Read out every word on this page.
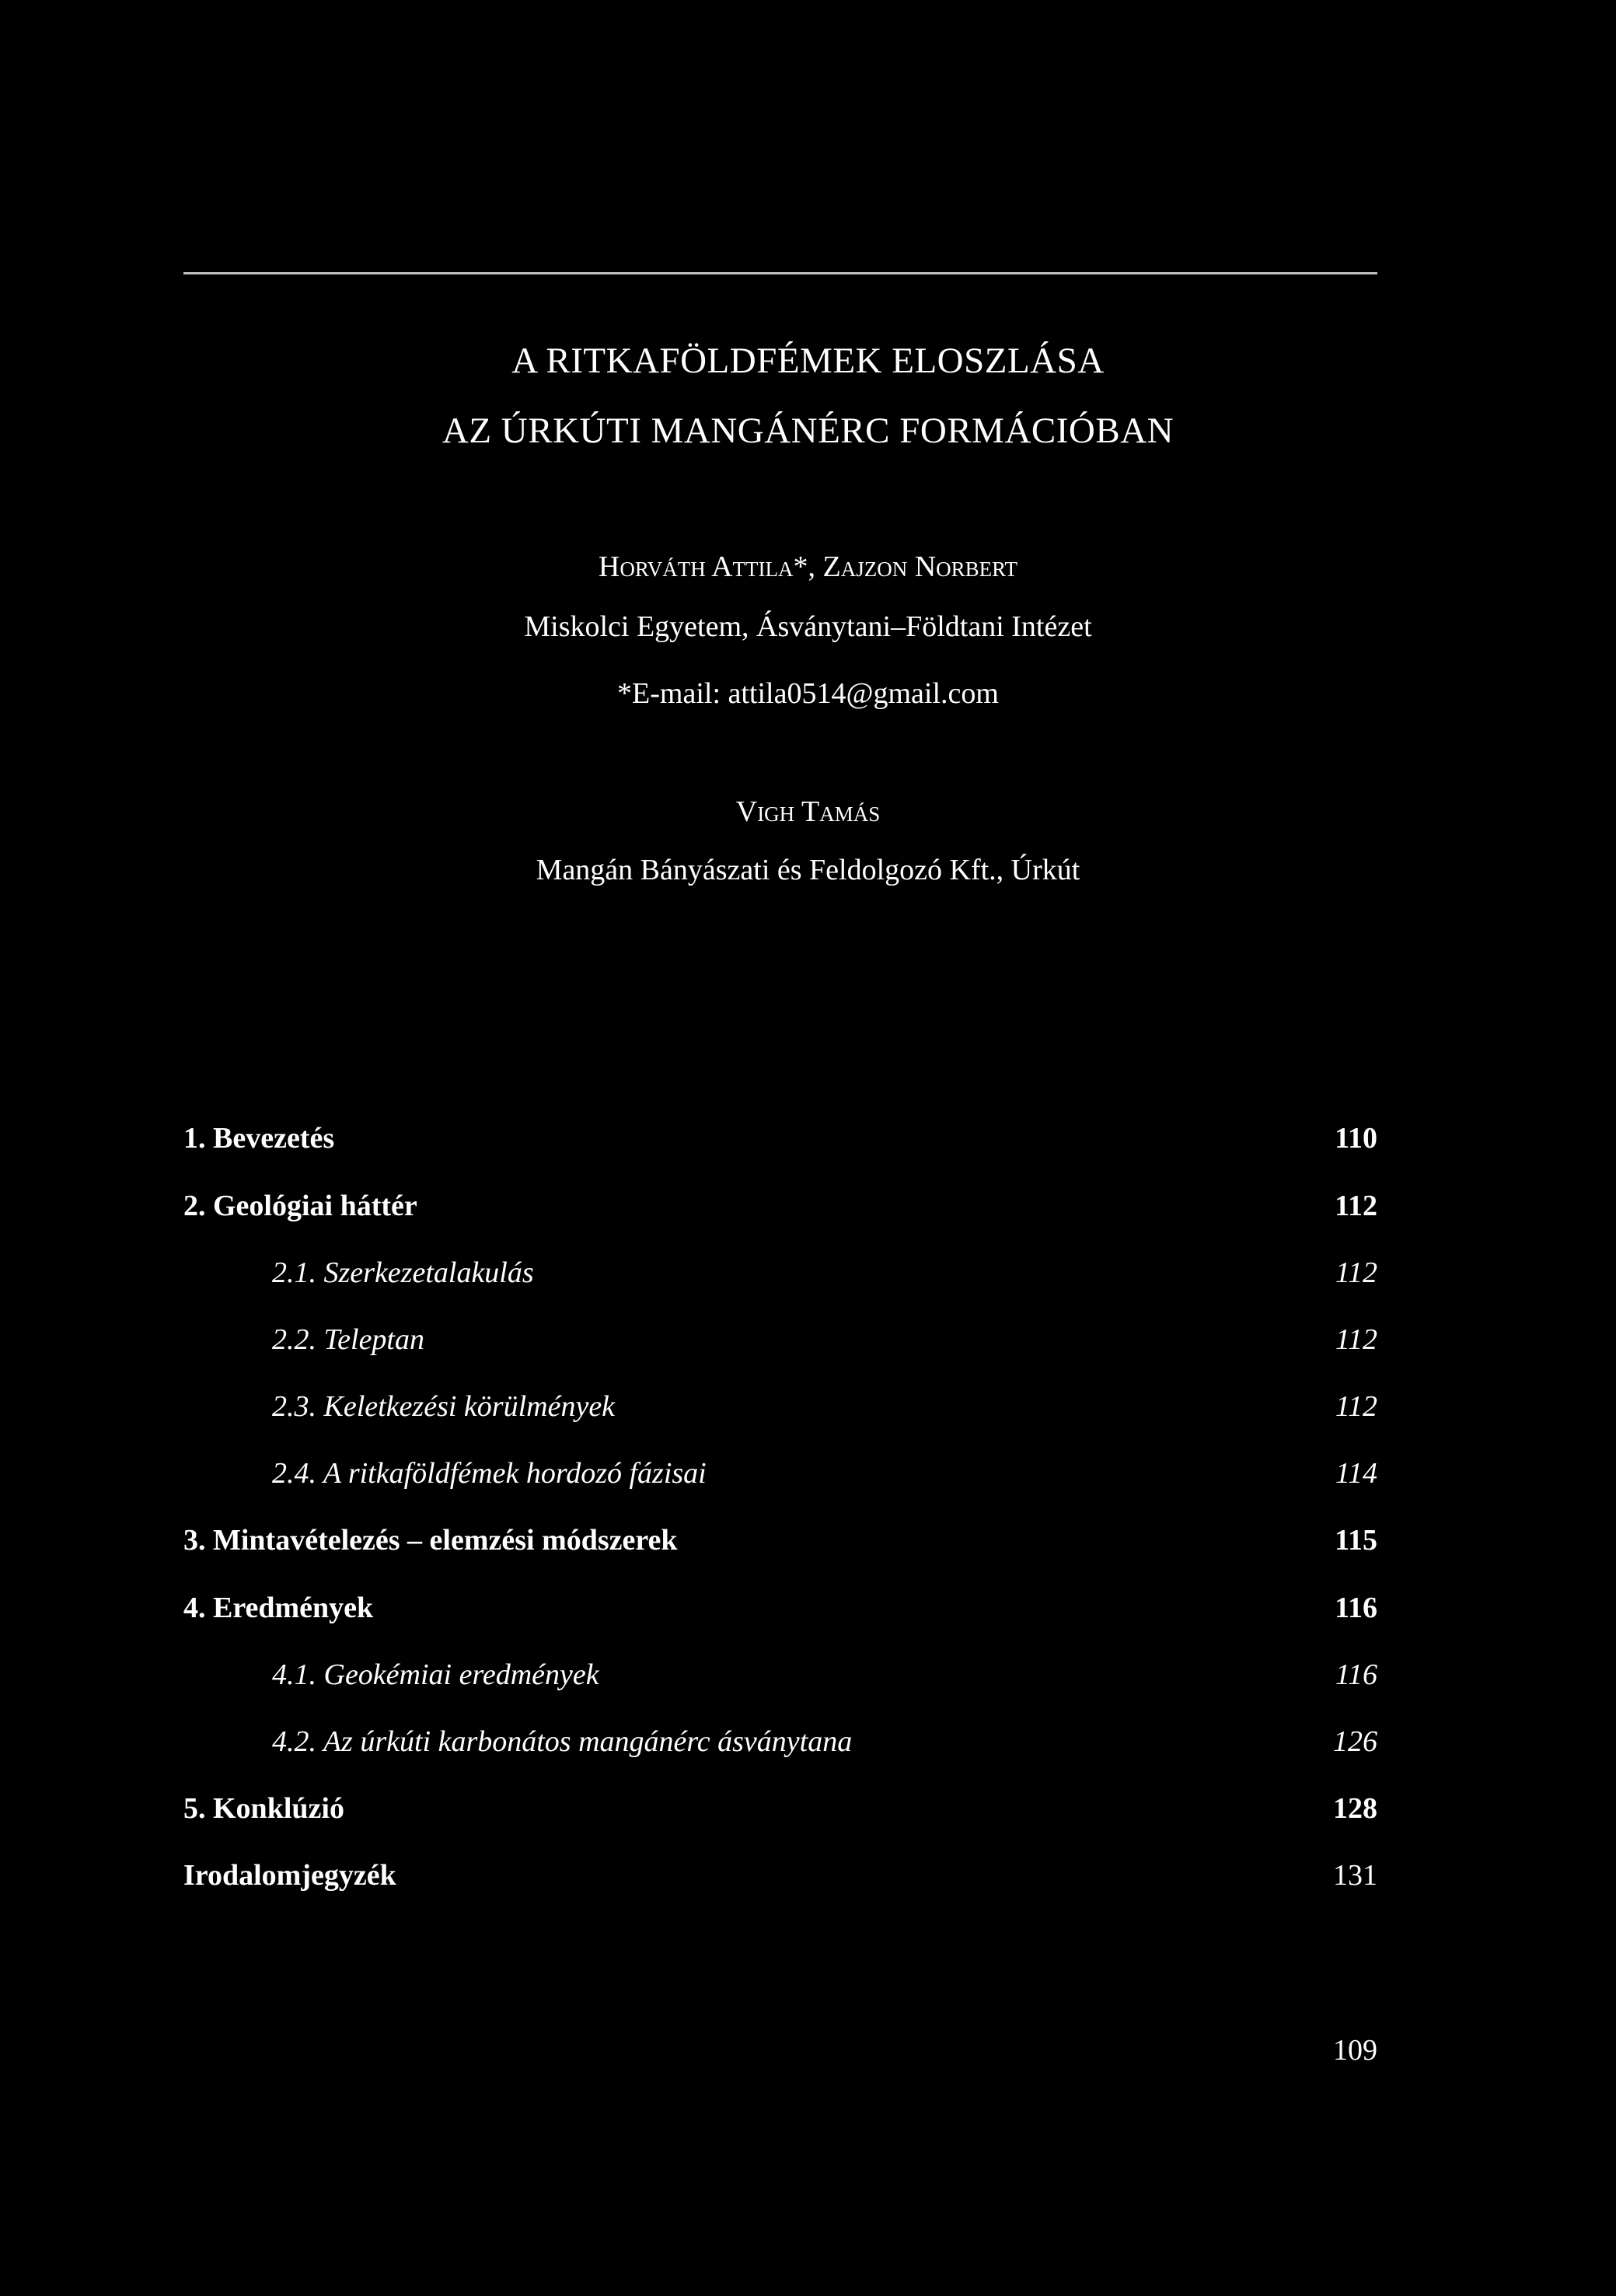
A RITKAFÖLDFÉMEK ELOSZLÁSA
AZ ÚRKÚTI MANGÁNÉRC FORMÁCIÓBAN
Horváth Attila*, Zajzon Norbert
Miskolci Egyetem, Ásványtani–Földtani Intézet
*E-mail: attila0514@gmail.com
Vigh Tamás
Mangán Bányászati és Feldolgozó Kft., Úrkút
1. Bevezetés	110
2. Geológiai háttér	112
2.1. Szerkezetalakulás	112
2.2. Teleptan	112
2.3. Keletkezési körülmények	112
2.4. A ritkaföldfémek hordozó fázisai	114
3. Mintavételezés – elemzési módszerek	115
4. Eredmények	116
4.1. Geokémiai eredmények	116
4.2. Az úrkúti karbonátos mangánérc ásványtana	126
5. Konklúzió	128
Irodalomjegyzék	131
109
